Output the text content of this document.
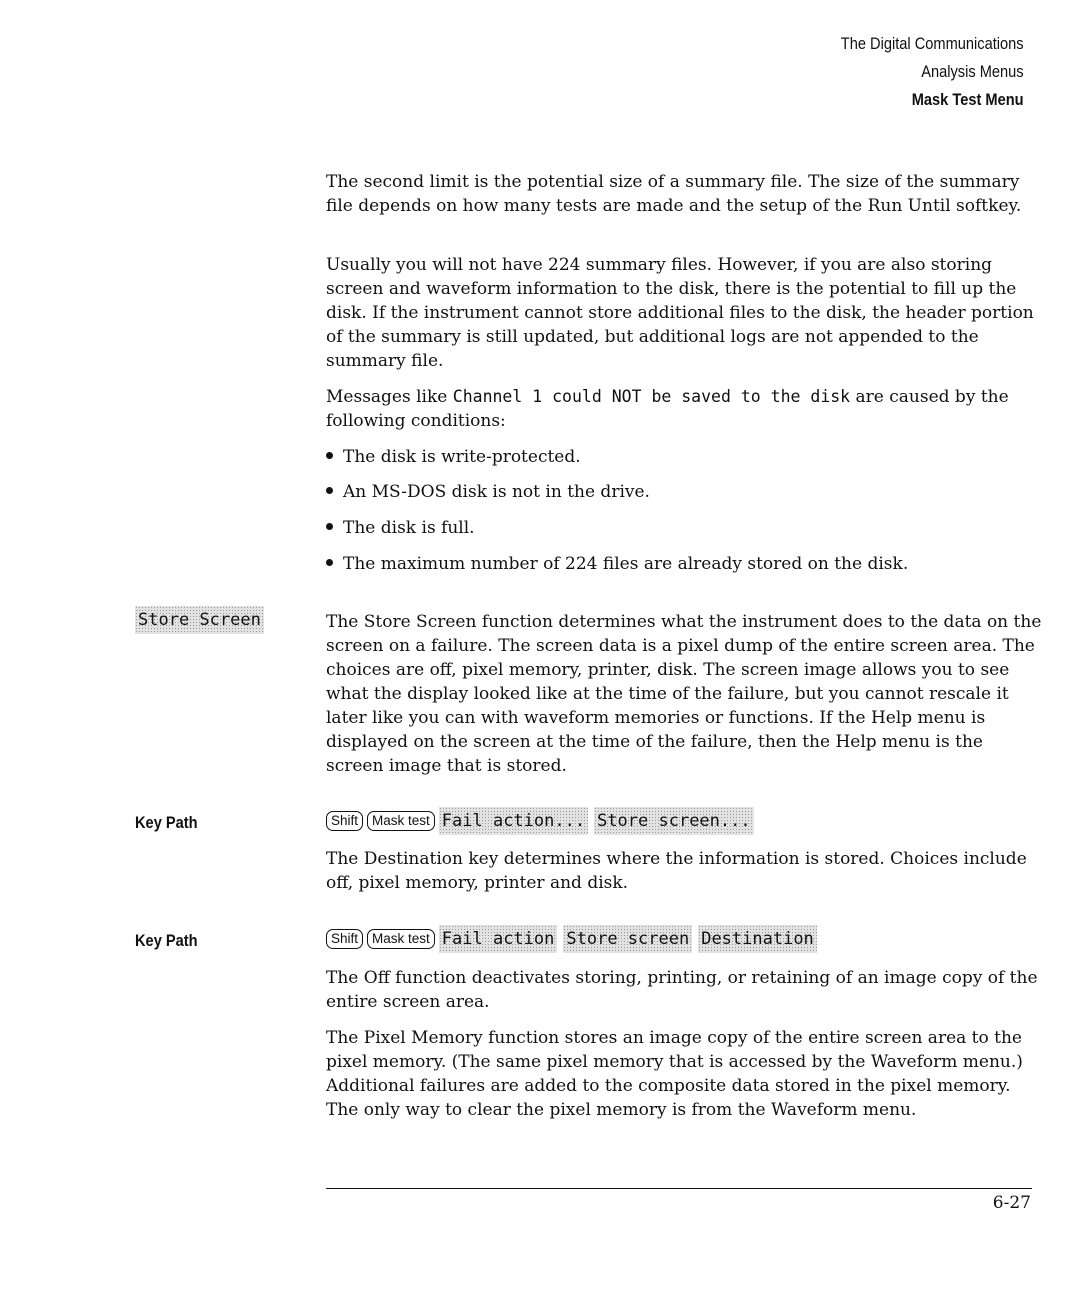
The Digital Communications
Analysis Menus
Mask Test Menu

The second limit is the potential size of a summary file. The size of the summary file depends on how many tests are made and the setup of the Run Until softkey.

Usually you will not have 224 summary files. However, if you are also storing screen and waveform information to the disk, there is the potential to fill up the disk. If the instrument cannot store additional files to the disk, the header portion of the summary is still updated, but additional logs are not appended to the summary file.

Messages like Channel 1 could NOT be saved to the disk are caused by the following conditions:

The disk is write-protected.
An MS-DOS disk is not in the drive.
The disk is full.
The maximum number of 224 files are already stored on the disk.
Store Screen	The Store Screen function determines what the instrument does to the data on the screen on a failure. The screen data is a pixel dump of the entire screen area. The choices are off, pixel memory, printer, disk. The screen image allows you to see what the display looked like at the time of the failure, but you cannot rescale it later like you can with waveform memories or functions. If the Help menu is displayed on the screen at the time of the failure, then the Help menu is the screen image that is stored.

Key Path	Shift Mask test Fail action... Store screen...

The Destination key determines where the information is stored. Choices include off, pixel memory, printer and disk.

Key Path	Shift Mask test Fail action Store screen Destination

The Off function deactivates storing, printing, or retaining of an image copy of the entire screen area.

The Pixel Memory function stores an image copy of the entire screen area to the pixel memory. (The same pixel memory that is accessed by the Waveform menu.) Additional failures are added to the composite data stored in the pixel memory. The only way to clear the pixel memory is from the Waveform menu.

6-27
